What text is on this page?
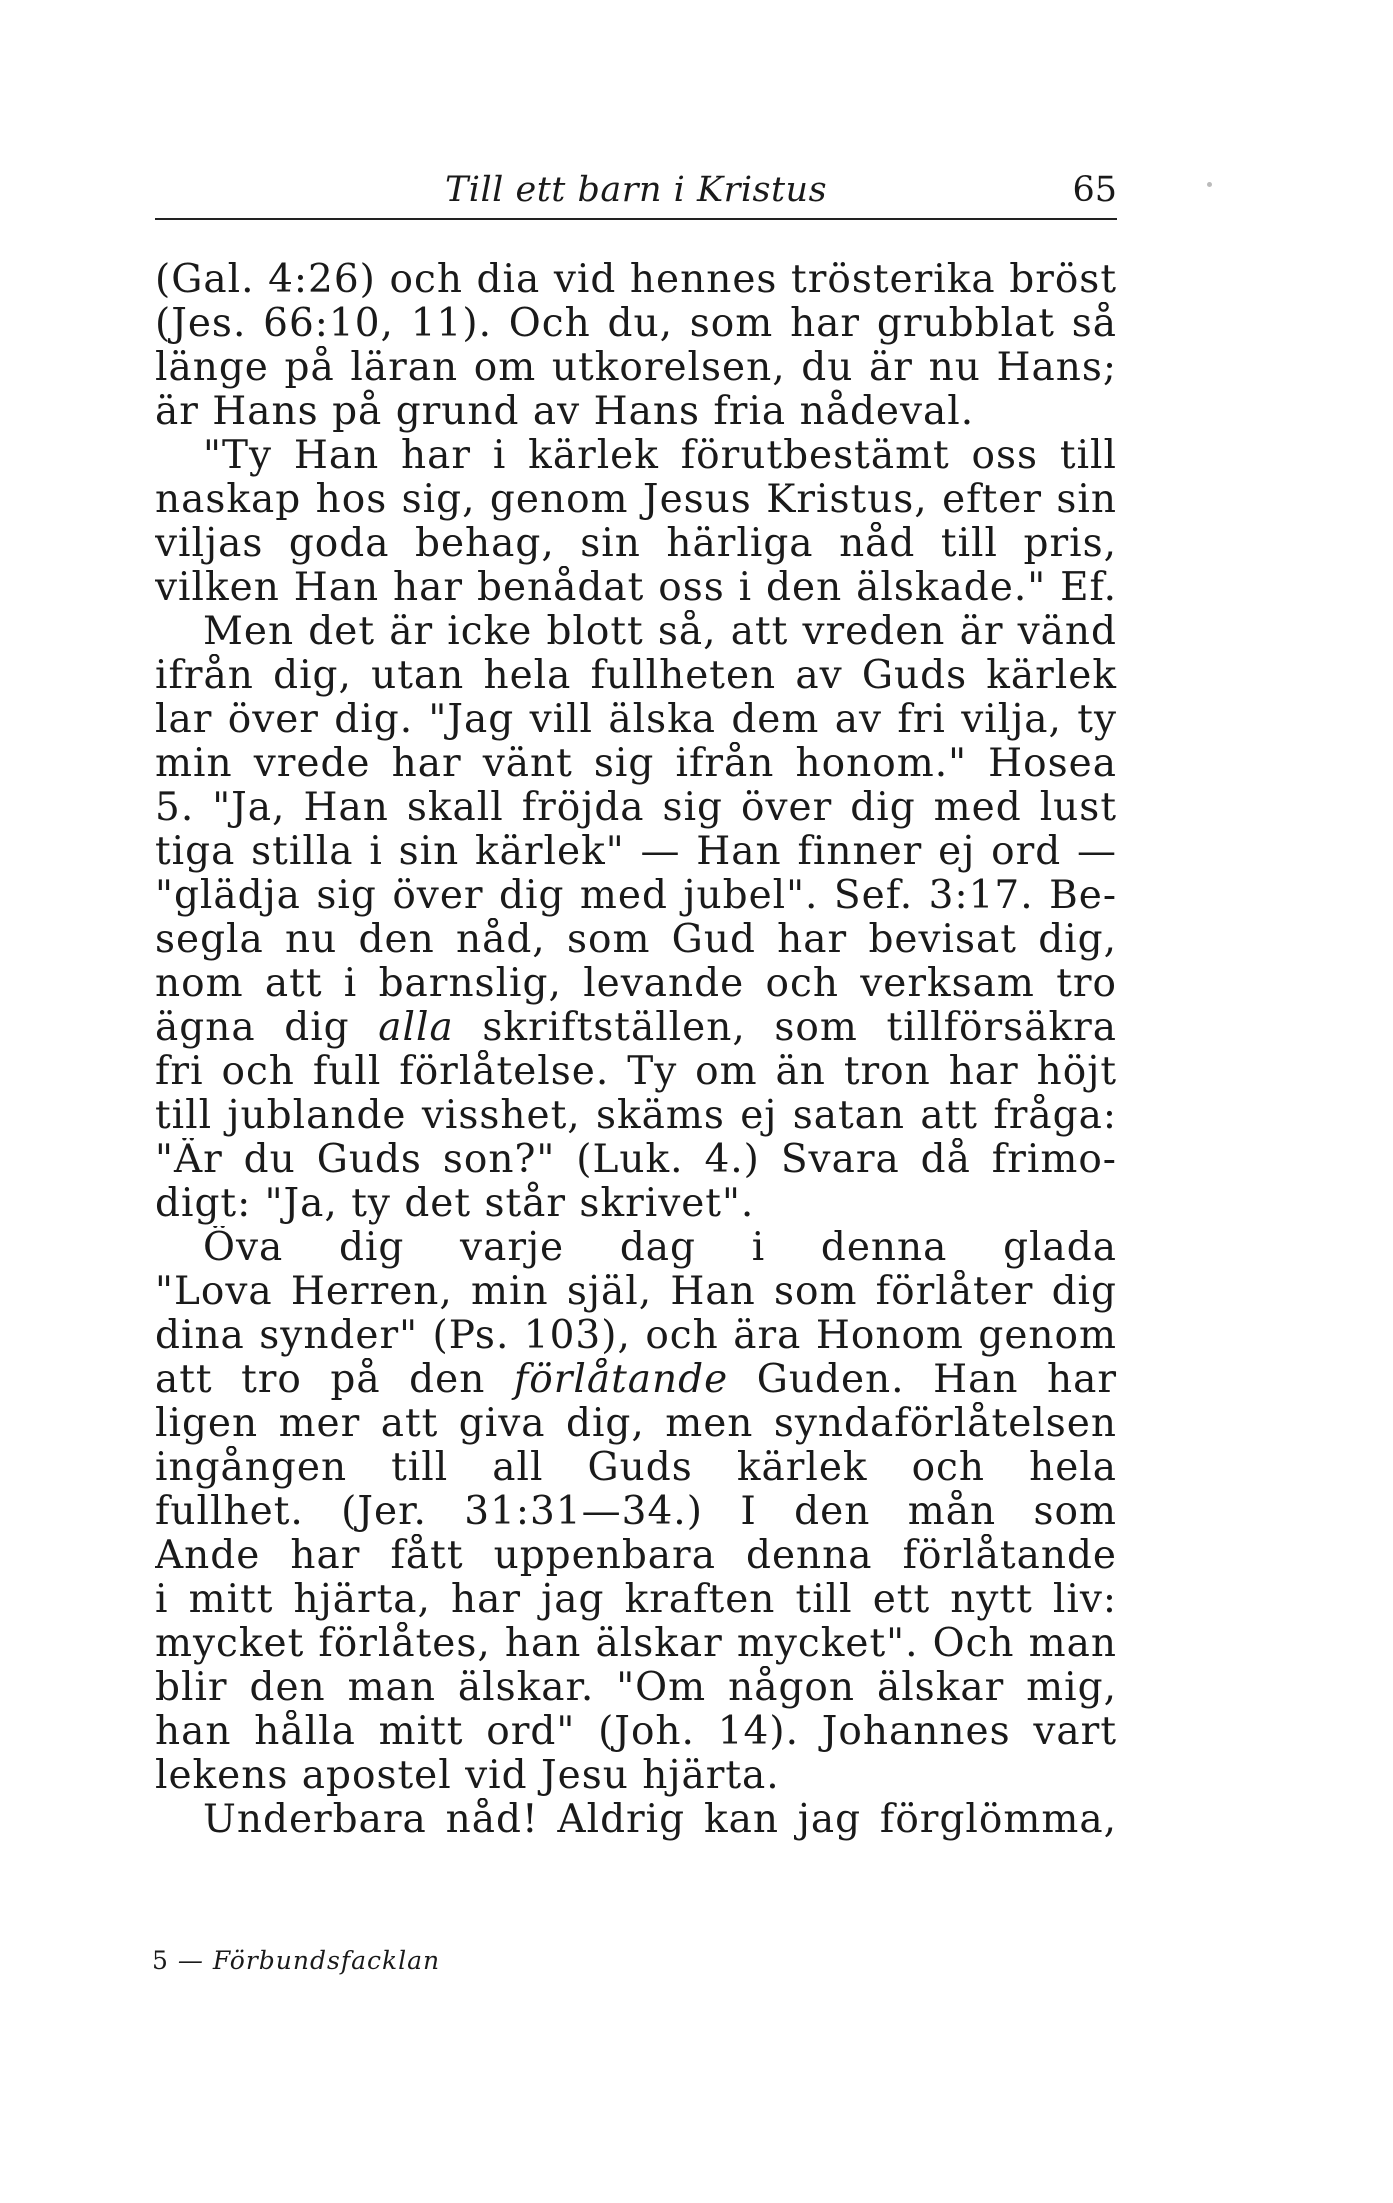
Till ett barn i Kristus	65
(Gal. 4:26) och dia vid hennes trösterika bröst
(Jes. 66:10, 11). Och du, som har grubblat så
länge på läran om utkorelsen, du är nu Hans;
är Hans på grund av Hans fria nådeval.
"Ty Han har i kärlek förutbestämt oss till
naskap hos sig, genom Jesus Kristus, efter sin
viljas goda behag, sin härliga nåd till pris,
vilken Han har benådat oss i den älskade." Ef.
Men det är icke blott så, att vreden är vänd
ifrån dig, utan hela fullheten av Guds kärlek
lar över dig. "Jag vill älska dem av fri vilja, ty
min vrede har vänt sig ifrån honom." Hosea
5. "Ja, Han skall fröjda sig över dig med lust
tiga stilla i sin kärlek" — Han finner ej ord —
"glädja sig över dig med jubel". Sef. 3:17. Be-
segla nu den nåd, som Gud har bevisat dig,
nom att i barnslig, levande och verksam tro
ägna dig alla skriftställen, som tillförsäkra
fri och full förlåtelse. Ty om än tron har höjt
till jublande visshet, skäms ej satan att fråga:
"Är du Guds son?" (Luk. 4.) Svara då frimo-
digt: "Ja, ty det står skrivet".
Öva dig varje dag i denna glada
"Lova Herren, min själ, Han som förlåter dig
dina synder" (Ps. 103), och ära Honom genom
att tro på den förlåtande Guden. Han har
ligen mer att giva dig, men syndaförlåtelsen
ingången till all Guds kärlek och hela
fullhet. (Jer. 31:31—34.) I den mån som
Ande har fått uppenbara denna förlåtande
i mitt hjärta, har jag kraften till ett nytt liv:
mycket förlåtes, han älskar mycket". Och man
blir den man älskar. "Om någon älskar mig,
han hålla mitt ord" (Joh. 14). Johannes vart
lekens apostel vid Jesu hjärta.
Underbara nåd! Aldrig kan jag förglömma,
5 — Förbundsfacklan
